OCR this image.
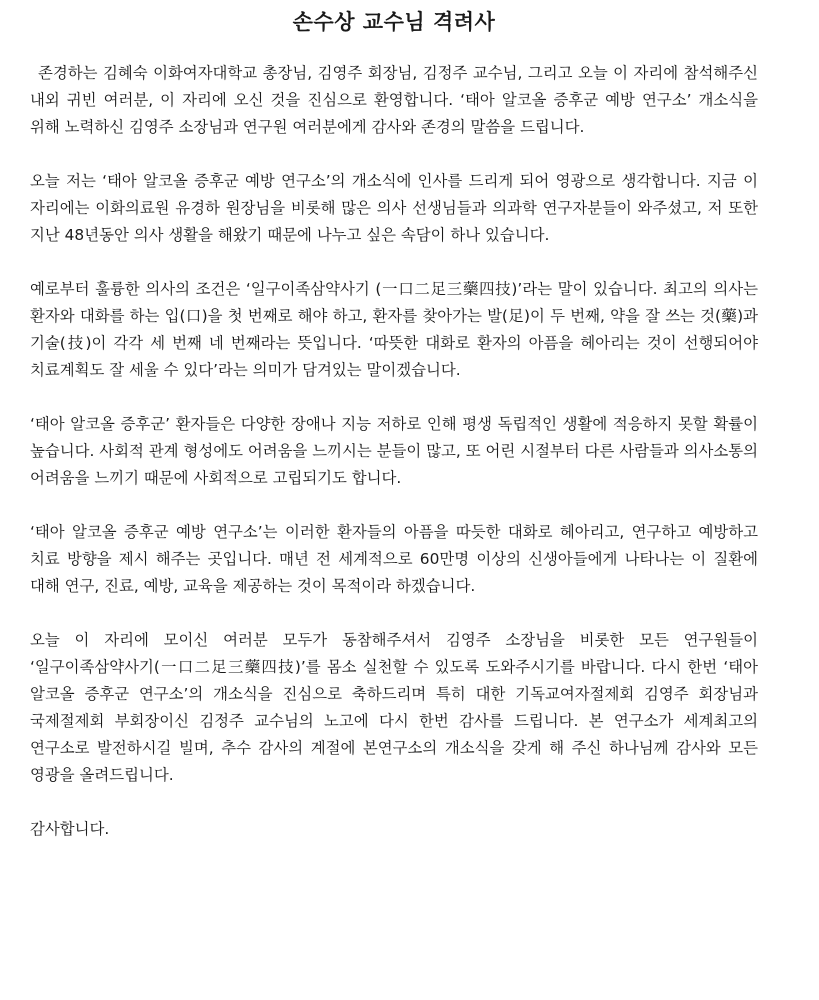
손수상 교수님 격려사

존경하는 김혜숙 이화여자대학교 총장님, 김영주 회장님, 김정주 교수님, 그리고 오늘 이 자리에 참석해주신 내외 귀빈 여러분, 이 자리에 오신 것을 진심으로 환영합니다. ‘태아 알코올 증후군 예방 연구소’ 개소식을 위해 노력하신 김영주 소장님과 연구원 여러분에게 감사와 존경의 말씀을 드립니다.

오늘 저는 ‘태아 알코올 증후군 예방 연구소’의 개소식에 인사를 드리게 되어 영광으로 생각합니다. 지금 이 자리에는 이화의료원 유경하 원장님을 비롯해 많은 의사 선생님들과 의과학 연구자분들이 와주셨고, 저 또한 지난 48년동안 의사 생활을 해왔기 때문에 나누고 싶은 속담이 하나 있습니다.

예로부터 훌륭한 의사의 조건은 ‘일구이족삼약사기 (一口二足三藥四技)’라는 말이 있습니다. 최고의 의사는 환자와 대화를 하는 입(口)을 첫 번째로 해야 하고, 환자를 찾아가는 발(足)이 두 번째, 약을 잘 쓰는 것(藥)과 기술(技)이 각각 세 번째 네 번째라는 뜻입니다. ‘따뜻한 대화로 환자의 아픔을 헤아리는 것이 선행되어야 치료계획도 잘 세울 수 있다’라는 의미가 담겨있는 말이겠습니다.

‘태아 알코올 증후군’ 환자들은 다양한 장애나 지능 저하로 인해 평생 독립적인 생활에 적응하지 못할 확률이 높습니다. 사회적 관계 형성에도 어려움을 느끼시는 분들이 많고, 또 어린 시절부터 다른 사람들과 의사소통의 어려움을 느끼기 때문에 사회적으로 고립되기도 합니다.

‘태아 알코올 증후군 예방 연구소’는 이러한 환자들의 아픔을 따듯한 대화로 헤아리고, 연구하고 예방하고 치료 방향을 제시 해주는 곳입니다. 매년 전 세계적으로 60만명 이상의 신생아들에게 나타나는 이 질환에 대해 연구, 진료, 예방, 교육을 제공하는 것이 목적이라 하겠습니다.

오늘 이 자리에 모이신 여러분 모두가 동참해주셔서 김영주 소장님을 비롯한 모든 연구원들이 ‘일구이족삼약사기(一口二足三藥四技)’를 몸소 실천할 수 있도록 도와주시기를 바랍니다. 다시 한번 ‘태아 알코올 증후군 연구소’의 개소식을 진심으로 축하드리며 특히 대한 기독교여자절제회 김영주 회장님과 국제절제회 부회장이신 김정주 교수님의 노고에 다시 한번 감사를 드립니다. 본 연구소가 세계최고의 연구소로 발전하시길 빌며, 추수 감사의 계절에 본연구소의 개소식을 갖게 해 주신 하나님께 감사와 모든 영광을 올려드립니다.

감사합니다.
